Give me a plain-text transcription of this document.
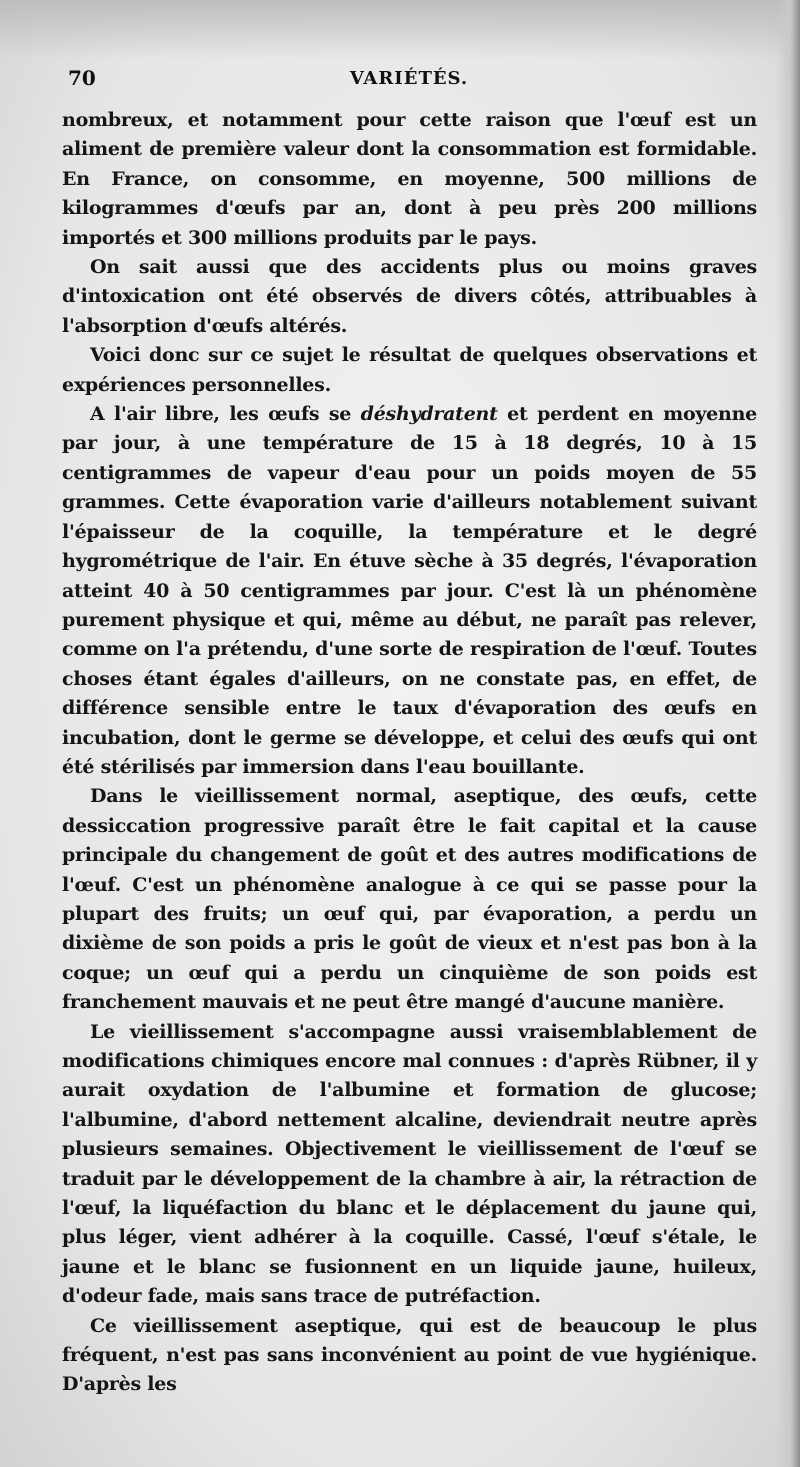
70	VARIÉTÉS.

nombreux, et notamment pour cette raison que l'œuf est un aliment de première valeur dont la consommation est formidable. En France, on consomme, en moyenne, 500 millions de kilogrammes d'œufs par an, dont à peu près 200 millions importés et 300 millions produits par le pays.

On sait aussi que des accidents plus ou moins graves d'intoxication ont été observés de divers côtés, attribuables à l'absorption d'œufs altérés.

Voici donc sur ce sujet le résultat de quelques observations et expériences personnelles.

A l'air libre, les œufs se déshydratent et perdent en moyenne par jour, à une température de 15 à 18 degrés, 10 à 15 centigrammes de vapeur d'eau pour un poids moyen de 55 grammes. Cette évaporation varie d'ailleurs notablement suivant l'épaisseur de la coquille, la température et le degré hygrométrique de l'air. En étuve sèche à 35 degrés, l'évaporation atteint 40 à 50 centigrammes par jour. C'est là un phénomène purement physique et qui, même au début, ne paraît pas relever, comme on l'a prétendu, d'une sorte de respiration de l'œuf. Toutes choses étant égales d'ailleurs, on ne constate pas, en effet, de différence sensible entre le taux d'évaporation des œufs en incubation, dont le germe se développe, et celui des œufs qui ont été stérilisés par immersion dans l'eau bouillante.

Dans le vieillissement normal, aseptique, des œufs, cette dessiccation progressive paraît être le fait capital et la cause principale du changement de goût et des autres modifications de l'œuf. C'est un phénomène analogue à ce qui se passe pour la plupart des fruits; un œuf qui, par évaporation, a perdu un dixième de son poids a pris le goût de vieux et n'est pas bon à la coque; un œuf qui a perdu un cinquième de son poids est franchement mauvais et ne peut être mangé d'aucune manière.

Le vieillissement s'accompagne aussi vraisemblablement de modifications chimiques encore mal connues : d'après Rübner, il y aurait oxydation de l'albumine et formation de glucose; l'albumine, d'abord nettement alcaline, deviendrait neutre après plusieurs semaines. Objectivement le vieillissement de l'œuf se traduit par le développement de la chambre à air, la rétraction de l'œuf, la liquéfaction du blanc et le déplacement du jaune qui, plus léger, vient adhérer à la coquille. Cassé, l'œuf s'étale, le jaune et le blanc se fusionnent en un liquide jaune, huileux, d'odeur fade, mais sans trace de putréfaction.

Ce vieillissement aseptique, qui est de beaucoup le plus fréquent, n'est pas sans inconvénient au point de vue hygiénique. D'après les
